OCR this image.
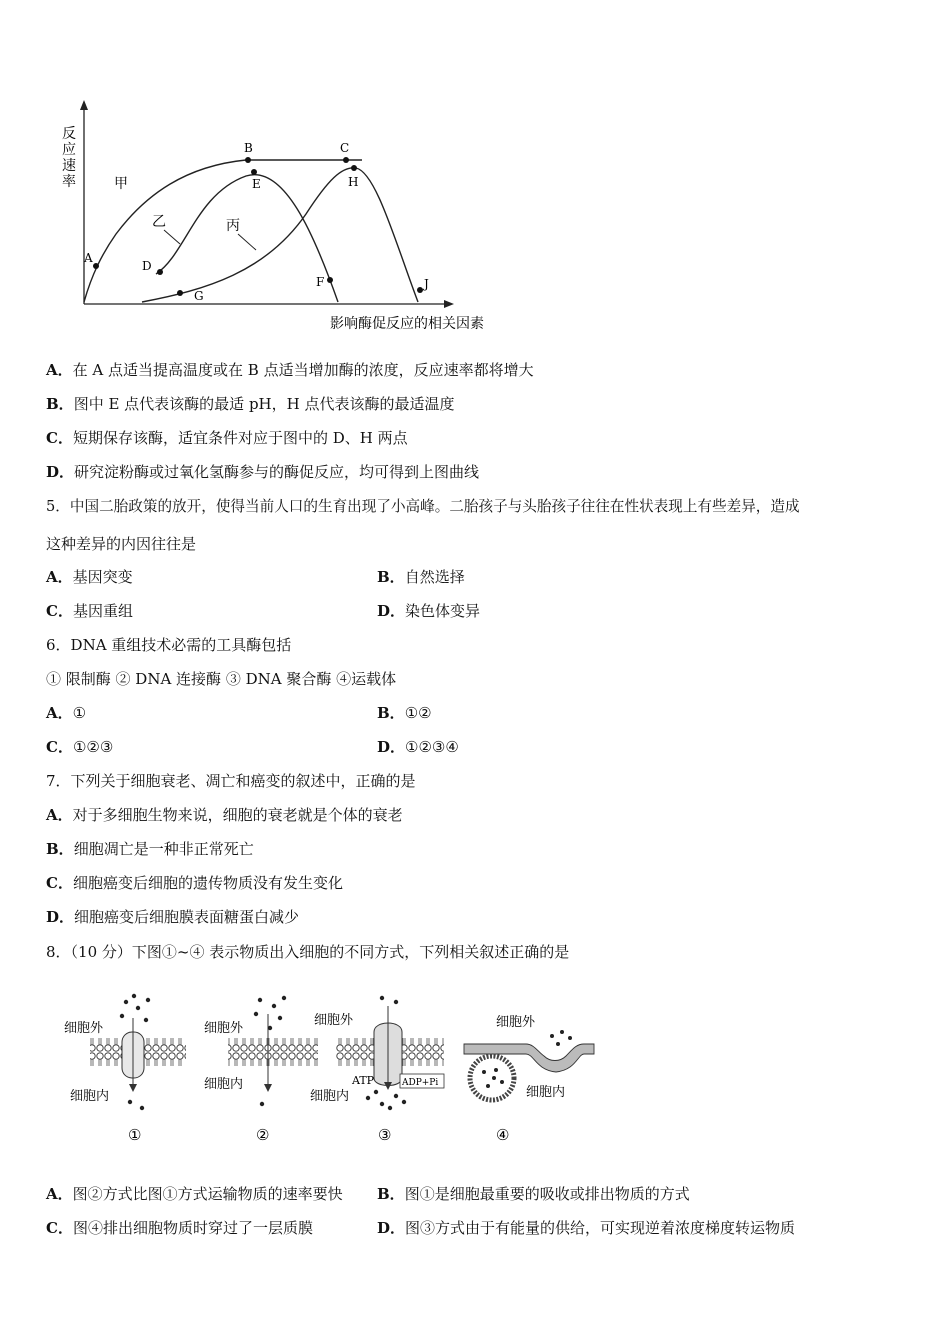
反
应
速
率
影响酶促反应的相关因素
甲
乙	丙
A
B	C
D
E
F
G
H
J
A．在 A 点适当提高温度或在 B 点适当增加酶的浓度，反应速率都将增大
B．图中 E 点代表该酶的最适 pH，H 点代表该酶的最适温度
C．短期保存该酶，适宜条件对应于图中的 D、H 两点
D．研究淀粉酶或过氧化氢酶参与的酶促反应，均可得到上图曲线
5．中国二胎政策的放开，使得当前人口的生育出现了小高峰。二胎孩子与头胎孩子往往在性状表现上有些差异，造成
这种差异的内因往往是
A．基因突变	B．自然选择
C．基因重组	D．染色体变异
6．DNA 重组技术必需的工具酶包括
① 限制酶 ② DNA 连接酶 ③ DNA 聚合酶 ④运载体
A．①	B．①②
C．①②③	D．①②③④
7．下列关于细胞衰老、凋亡和癌变的叙述中，正确的是
A．对于多细胞生物来说，细胞的衰老就是个体的衰老
B．细胞凋亡是一种非正常死亡
C．细胞癌变后细胞的遗传物质没有发生变化
D．细胞癌变后细胞膜表面糖蛋白减少
8．（10 分）下图①~④ 表示物质出入细胞的不同方式，下列相关叙述正确的是
细胞外
细胞内
①
细胞外
细胞内
②
细胞外
ATP	ADP+Pi
细胞内
③
细胞外
细胞内
④
A．图②方式比图①方式运输物质的速率要快 B．图①是细胞最重要的吸收或排出物质的方式
C．图④排出细胞物质时穿过了一层质膜	D．图③方式由于有能量的供给，可实现逆着浓度梯度转运物质
